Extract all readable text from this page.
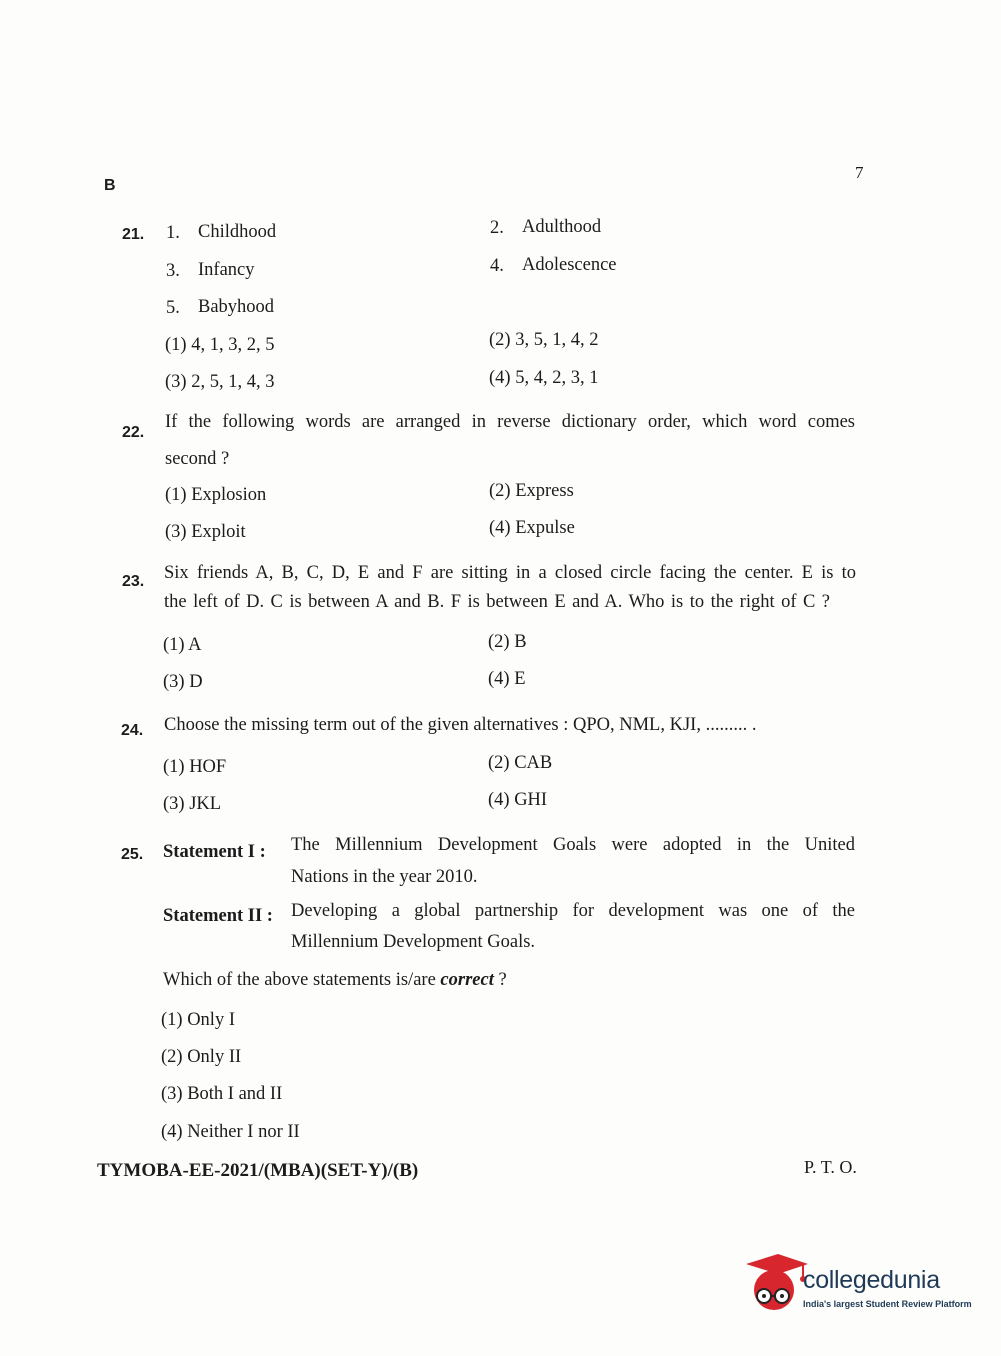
B
7
21. 1. Childhood	2. Adulthood
3. Infancy	4. Adolescence
5. Babyhood
(1) 4, 1, 3, 2, 5	(2) 3, 5, 1, 4, 2
(3) 2, 5, 1, 4, 3	(4) 5, 4, 2, 3, 1
22.
If the following words are arranged in reverse dictionary order, which word comes
second ?
(1) Explosion	(2) Express
(3) Exploit	(4) Expulse
23. Six friends A, B, C, D, E and F are sitting in a closed circle facing the center. E is to
the left of D. C is between A and B. F is between E and A. Who is to the right of C ?
(1) A	(2) B
(3) D	(4) E
24. Choose the missing term out of the given alternatives : QPO, NML, KJI, ......... .
(1) HOF	(2) CAB
(3) JKL	(4) GHI
25. Statement I : The Millennium Development Goals were adopted in the United
Nations in the year 2010.
Statement II : Developing a global partnership for development was one of the
Millennium Development Goals.
Which of the above statements is/are correct ?
(1) Only I
(2) Only II
(3) Both I and II
(4) Neither I nor II
TYMOBA-EE-2021/(MBA)(SET-Y)/(B)	P. T. O.
collegedunia
India's largest Student Review Platform
